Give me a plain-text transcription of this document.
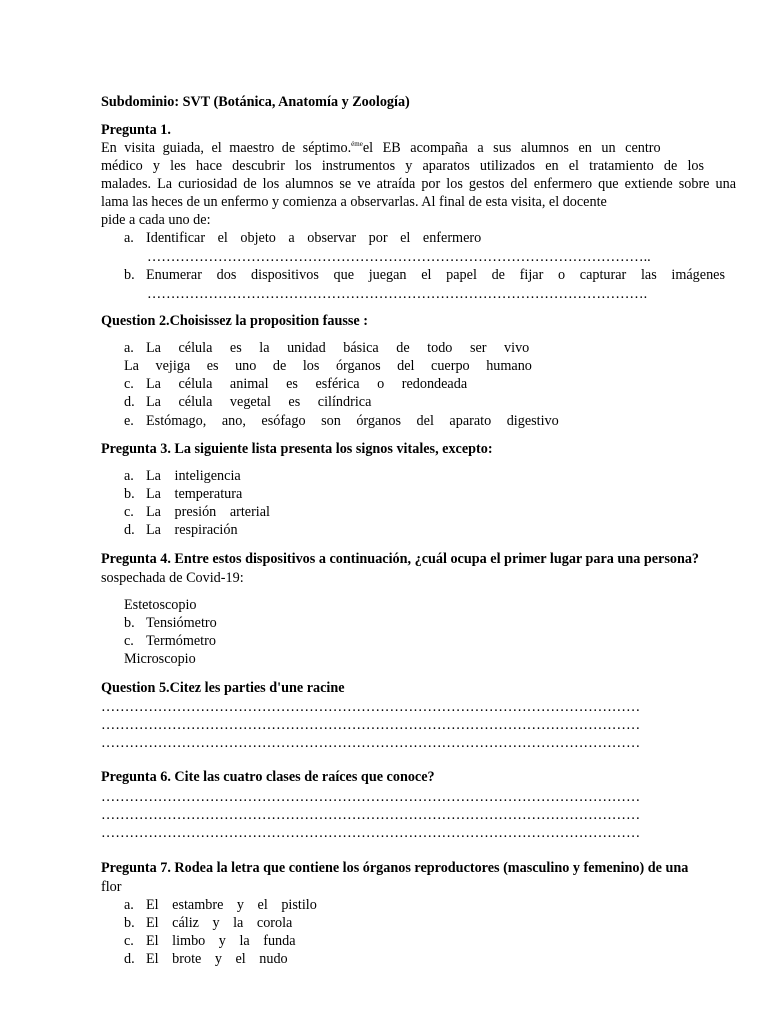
Subdominio: SVT (Botánica, Anatomía y Zoología)
Pregunta 1.
En visita guiada, el maestro de séptimo.$^{éme}$el EB acompaña a sus alumnos en un centro
médico y les hace descubrir los instrumentos y aparatos utilizados en el tratamiento de los
malades. La curiosidad de los alumnos se ve atraída por los gestos del enfermero que extiende sobre una
lama las heces de un enfermo y comienza a observarlas. Al final de esta visita, el docente
pide a cada uno de:
a. Identificar el objeto a observar por el enfermero
……………………………………………………………………………………………..
b. Enumerar dos dispositivos que juegan el papel de fijar o capturar las imágenes
…………………………………………………………………………………………….
Question 2.Choisissez la proposition fausse :
a. La célula es la unidad básica de todo ser vivo
La vejiga es uno de los órganos del cuerpo humano
c. La célula animal es esférica o redondeada
d. La célula vegetal es cilíndrica
e. Estómago, ano, esófago son órganos del aparato digestivo
Pregunta 3. La siguiente lista presenta los signos vitales, excepto:
a. La inteligencia
b. La temperatura
c. La presión arterial
d. La respiración
Pregunta 4. Entre estos dispositivos a continuación, ¿cuál ocupa el primer lugar para una persona?
sospechada de Covid-19:
Estetoscopio
b. Tensiómetro
c. Termómetro
Microscopio
Question 5.Citez les parties d'une racine
……………………………………………………………………………………………………
……………………………………………………………………………………………………
……………………………………………………………………………………………………
Pregunta 6. Cite las cuatro clases de raíces que conoce?
……………………………………………………………………………………………………
……………………………………………………………………………………………………
……………………………………………………………………………………………………
Pregunta 7. Rodea la letra que contiene los órganos reproductores (masculino y femenino) de una
flor
a. El estambre y el pistilo
b. El cáliz y la corola
c. El limbo y la funda
d. El brote y el nudo
